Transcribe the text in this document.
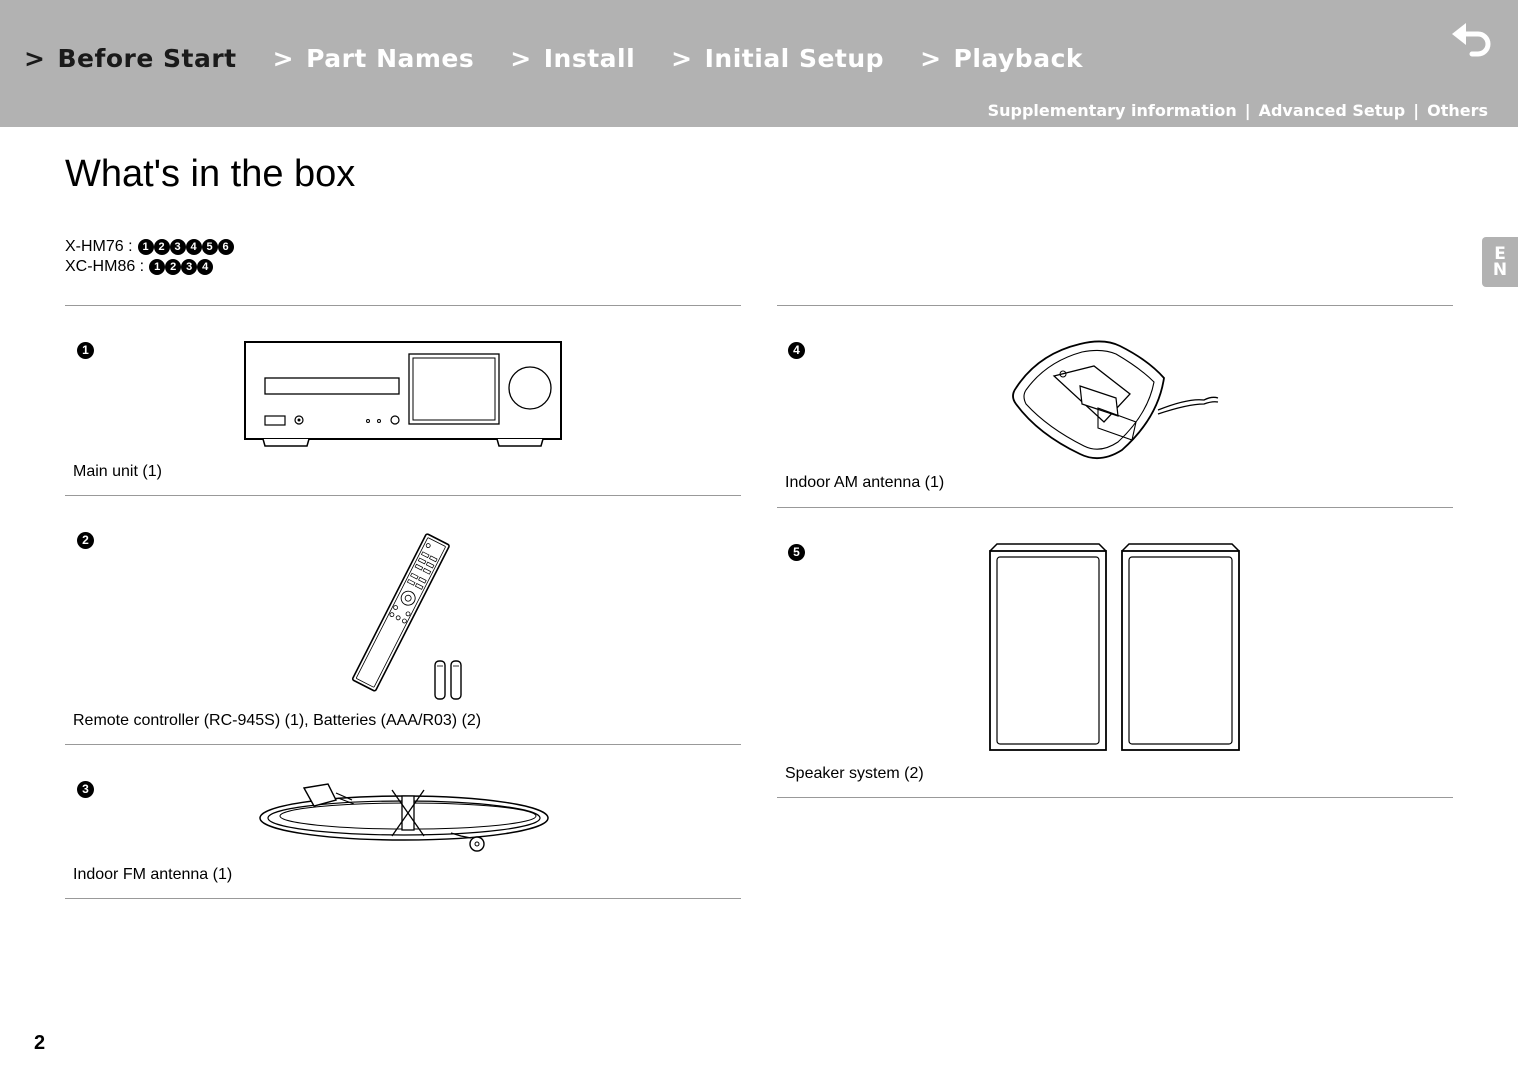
> Before Start > Part Names > Install > Initial Setup > Playback
Supplementary information | Advanced Setup | Others
E
N
What's in the box
X-HM76 : 1 2 3 4 5 6
XC-HM86 : 1 2 3 4
1
Main unit (1)
2
Remote controller (RC-945S) (1), Batteries (AAA/R03) (2)
3
Indoor FM antenna (1)
4
Indoor AM antenna (1)
5
Speaker system (2)
2
